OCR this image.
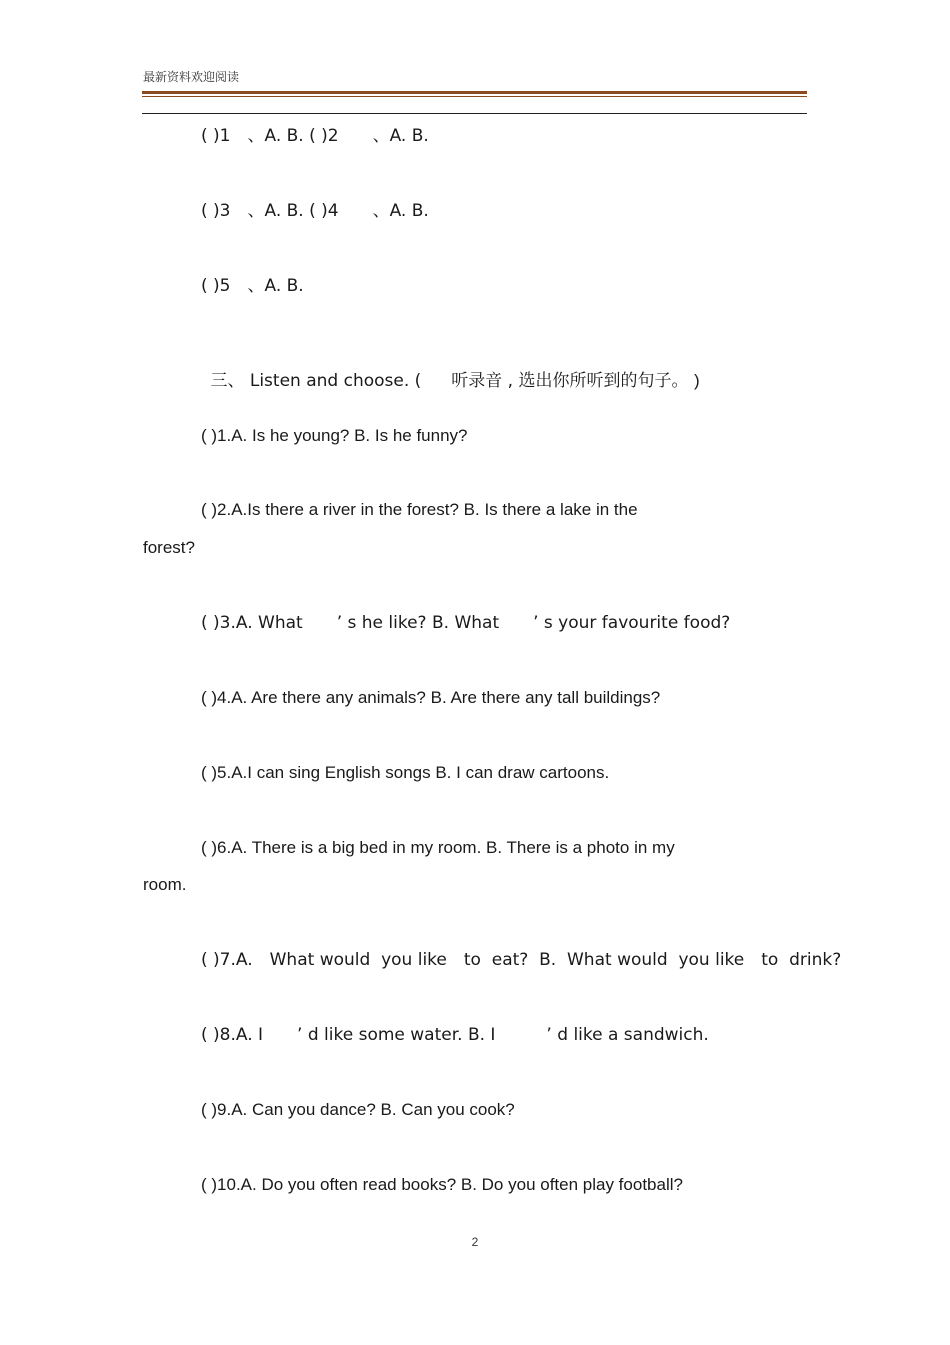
最新资料欢迎阅读
( )1　、A. B. ( )2　　、A. B.
( )3　、A. B. ( )4　　、A. B.
( )5　、A. B.

三、 Listen and choose. ( 听录音 , 选出你所听到的句子。 )

( )1.A. Is he young? B. Is he funny?
( )2.A.Is there a river in the forest? B. Is there a lake in the
forest?
( )3.A. What　　’ s he like? B. What　　’ s your favourite food?
( )4.A. Are there any animals? B. Are there any tall buildings?
( )5.A.I can sing English songs B. I can draw cartoons.
( )6.A. There is a big bed in my room. B. There is a photo in my
room.
( )7.A.　What would  you like　to  eat?  B.  What would  you like　to  drink?
( )8.A. I　　’ d like some water. B. I　　　’ d like a sandwich.
( )9.A. Can you dance? B. Can you cook?
( )10.A. Do you often read books? B. Do you often play football?
2
